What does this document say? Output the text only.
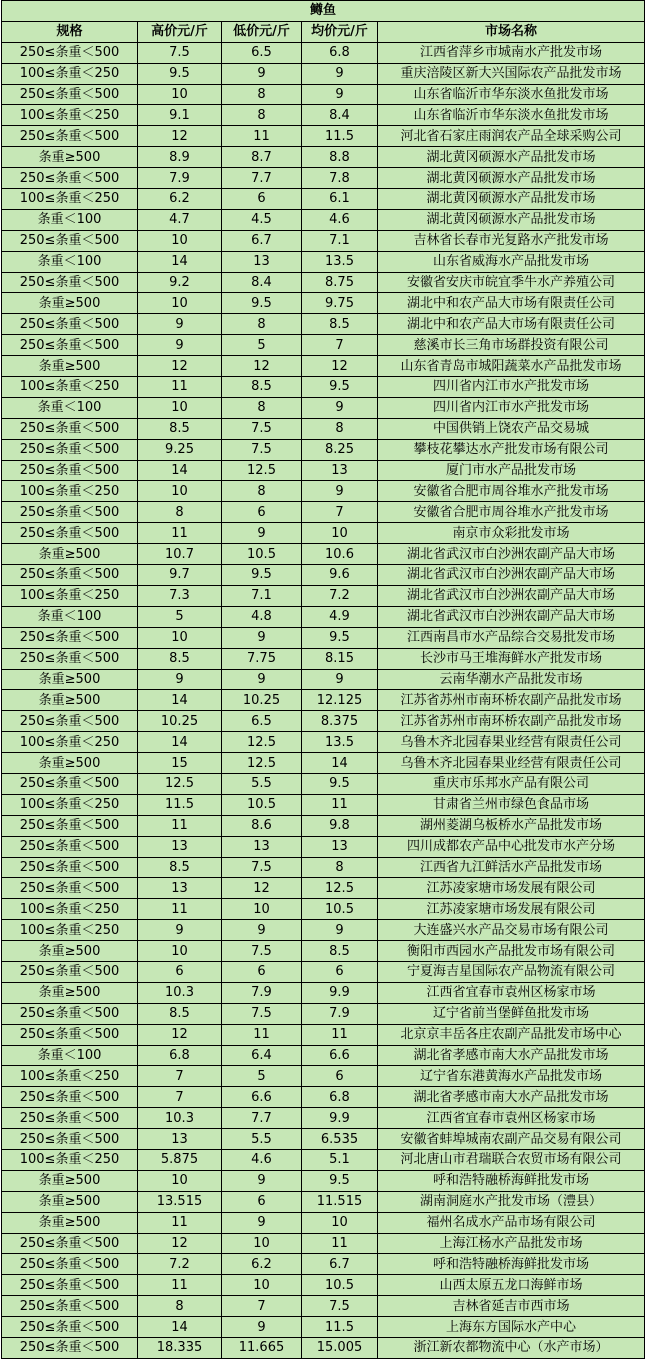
鳟鱼				
规格	高价元/斤	低价元/斤	均价元/斤	市场名称
250≤条重＜500	7.5	6.5	6.8	江西省萍乡市城南水产批发市场
100≤条重＜250	9.5	9	9	重庆涪陵区新大兴国际农产品批发市场
250≤条重＜500	10	8	9	山东省临沂市华东淡水鱼批发市场
100≤条重＜250	9.1	8	8.4	山东省临沂市华东淡水鱼批发市场
250≤条重＜500	12	11	11.5	河北省石家庄雨润农产品全球采购公司
条重≥500	8.9	8.7	8.8	湖北黄冈硕源水产品批发市场
250≤条重＜500	7.9	7.7	7.8	湖北黄冈硕源水产品批发市场
100≤条重＜250	6.2	6	6.1	湖北黄冈硕源水产品批发市场
条重＜100	4.7	4.5	4.6	湖北黄冈硕源水产品批发市场
250≤条重＜500	10	6.7	7.1	吉林省长春市光复路水产批发市场
条重＜100	14	13	13.5	山东省威海水产品批发市场
250≤条重＜500	9.2	8.4	8.75	安徽省安庆市皖宜季牛水产养殖公司
条重≥500	10	9.5	9.75	湖北中和农产品大市场有限责任公司
250≤条重＜500	9	8	8.5	湖北中和农产品大市场有限责任公司
250≤条重＜500	9	5	7	慈溪市长三角市场群投资有限公司
条重≥500	12	12	12	山东省青岛市城阳蔬菜水产品批发市场
100≤条重＜250	11	8.5	9.5	四川省内江市水产批发市场
条重＜100	10	8	9	四川省内江市水产批发市场
250≤条重＜500	8.5	7.5	8	中国供销上饶农产品交易城
250≤条重＜500	9.25	7.5	8.25	攀枝花攀达水产批发市场有限公司
250≤条重＜500	14	12.5	13	厦门市水产品批发市场
100≤条重＜250	10	8	9	安徽省合肥市周谷堆水产批发市场
250≤条重＜500	8	6	7	安徽省合肥市周谷堆水产批发市场
250≤条重＜500	11	9	10	南京市众彩批发市场
条重≥500	10.7	10.5	10.6	湖北省武汉市白沙洲农副产品大市场
250≤条重＜500	9.7	9.5	9.6	湖北省武汉市白沙洲农副产品大市场
100≤条重＜250	7.3	7.1	7.2	湖北省武汉市白沙洲农副产品大市场
条重＜100	5	4.8	4.9	湖北省武汉市白沙洲农副产品大市场
250≤条重＜500	10	9	9.5	江西南昌市水产品综合交易批发市场
250≤条重＜500	8.5	7.75	8.15	长沙市马王堆海鲜水产批发市场
条重≥500	9	9	9	云南华潮水产品批发市场
条重≥500	14	10.25	12.125	江苏省苏州市南环桥农副产品批发市场
250≤条重＜500	10.25	6.5	8.375	江苏省苏州市南环桥农副产品批发市场
100≤条重＜250	14	12.5	13.5	乌鲁木齐北园春果业经营有限责任公司
条重≥500	15	12.5	14	乌鲁木齐北园春果业经营有限责任公司
250≤条重＜500	12.5	5.5	9.5	重庆市乐邦水产品有限公司
100≤条重＜250	11.5	10.5	11	甘肃省兰州市绿色食品市场
250≤条重＜500	11	8.6	9.8	湖州菱湖乌板桥水产品批发市场
250≤条重＜500	13	13	13	四川成都农产品中心批发市水产分场
250≤条重＜500	8.5	7.5	8	江西省九江鲜活水产品批发市场
250≤条重＜500	13	12	12.5	江苏凌家塘市场发展有限公司
100≤条重＜250	11	10	10.5	江苏凌家塘市场发展有限公司
100≤条重＜250	9	9	9	大连盛兴水产品交易市场有限公司
条重≥500	10	7.5	8.5	衡阳市西园水产品批发市场有限公司
250≤条重＜500	6	6	6	宁夏海吉星国际农产品物流有限公司
条重≥500	10.3	7.9	9.9	江西省宜春市袁州区杨家市场
250≤条重＜500	8.5	7.5	7.9	辽宁省前当堡鲜鱼批发市场
250≤条重＜500	12	11	11	北京京丰岳各庄农副产品批发市场中心
条重＜100	6.8	6.4	6.6	湖北省孝感市南大水产品批发市场
100≤条重＜250	7	5	6	辽宁省东港黄海水产品批发市场
250≤条重＜500	7	6.6	6.8	湖北省孝感市南大水产品批发市场
250≤条重＜500	10.3	7.7	9.9	江西省宜春市袁州区杨家市场
250≤条重＜500	13	5.5	6.535	安徽省蚌埠城南农副产品交易有限公司
100≤条重＜250	5.875	4.6	5.1	河北唐山市君瑞联合农贸市场有限公司
条重≥500	10	9	9.5	呼和浩特融桥海鲜批发市场
条重≥500	13.515	6	11.515	湖南洞庭水产批发市场（澧县）
条重≥500	11	9	10	福州名成水产品市场有限公司
250≤条重＜500	12	10	11	上海江杨水产品批发市场
250≤条重＜500	7.2	6.2	6.7	呼和浩特融桥海鲜批发市场
250≤条重＜500	11	10	10.5	山西太原五龙口海鲜市场
250≤条重＜500	8	7	7.5	吉林省延吉市西市场
250≤条重＜500	14	9	11.5	上海东方国际水产中心
250≤条重＜500	18.335	11.665	15.005	浙江新农都物流中心（水产市场）
